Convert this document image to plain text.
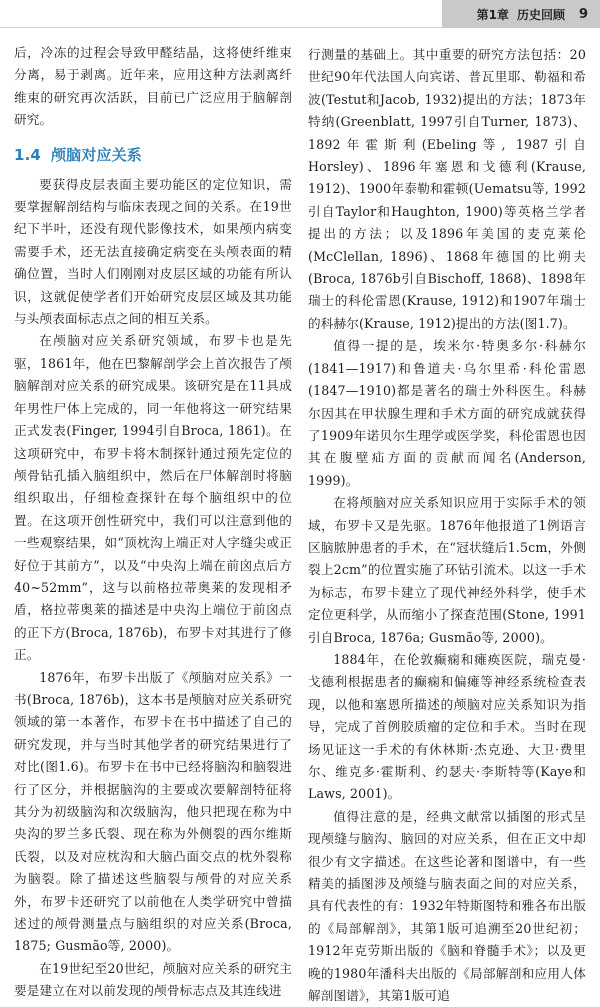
第1章 历史回顾 9

后，冷冻的过程会导致甲醛结晶，这将使纤维束分离，易于剥离。近年来，应用这种方法剥离纤维束的研究再次活跃，目前已广泛应用于脑解剖研究。

1.4 颅脑对应关系

要获得皮层表面主要功能区的定位知识，需要掌握解剖结构与临床表现之间的关系。在19世纪下半叶，还没有现代影像技术，如果颅内病变需要手术，还无法直接确定病变在头颅表面的精确位置，当时人们刚刚对皮层区域的功能有所认识，这就促使学者们开始研究皮层区域及其功能与头颅表面标志点之间的相互关系。

在颅脑对应关系研究领域，布罗卡也是先驱，1861年，他在巴黎解剖学会上首次报告了颅脑解剖对应关系的研究成果。该研究是在11具成年男性尸体上完成的，同一年他将这一研究结果正式发表(Finger, 1994引自Broca, 1861)。在这项研究中，布罗卡将木制探针通过预先定位的颅骨钻孔插入脑组织中，然后在尸体解剖时将脑组织取出，仔细检查探针在每个脑组织中的位置。在这项开创性研究中，我们可以注意到他的一些观察结果，如“顶枕沟上端正对人字缝尖或正好位于其前方”，以及“中央沟上端在前囟点后方40~52mm”，这与以前格拉蒂奥莱的发现相矛盾，格拉蒂奥莱的描述是中央沟上端位于前囟点的正下方(Broca, 1876b)，布罗卡对其进行了修正。

1876年，布罗卡出版了《颅脑对应关系》一书(Broca, 1876b)，这本书是颅脑对应关系研究领域的第一本著作，布罗卡在书中描述了自己的研究发现，并与当时其他学者的研究结果进行了对比(图1.6)。布罗卡在书中已经将脑沟和脑裂进行了区分，并根据脑沟的主要或次要解剖特征将其分为初级脑沟和次级脑沟，他只把现在称为中央沟的罗兰多氏裂、现在称为外侧裂的西尔维斯氏裂，以及对应枕沟和大脑凸面交点的枕外裂称为脑裂。除了描述这些脑裂与颅骨的对应关系外，布罗卡还研究了以前他在人类学研究中曾描述过的颅骨测量点与脑组织的对应关系(Broca, 1875; Gusmão等, 2000)。

在19世纪至20世纪，颅脑对应关系的研究主要是建立在对以前发现的颅骨标志点及其连线进

行测量的基础上。其中重要的研究方法包括：20世纪90年代法国人向宾诺、普瓦里耶、勒福和希波(Testut和Jacob, 1932)提出的方法；1873年特纳(Greenblatt, 1997引自Turner, 1873)、1892年霍斯利(Ebeling等, 1987引自Horsley)、1896年塞恩和戈德利(Krause, 1912)、1900年泰勒和霍顿(Uematsu等, 1992引自Taylor和Haughton, 1900)等英格兰学者提出的方法；以及1896年美国的麦克莱伦(McClellan, 1896)、1868年德国的比朔夫(Broca, 1876b引自Bischoff, 1868)、1898年瑞士的科伦雷恩(Krause, 1912)和1907年瑞士的科赫尔(Krause, 1912)提出的方法(图1.7)。

值得一提的是，埃米尔·特奥多尔·科赫尔(1841—1917)和鲁道夫·乌尔里希·科伦雷恩(1847—1910)都是著名的瑞士外科医生。科赫尔因其在甲状腺生理和手术方面的研究成就获得了1909年诺贝尔生理学或医学奖，科伦雷恩也因其在腹壁疝方面的贡献而闻名(Anderson, 1999)。

在将颅脑对应关系知识应用于实际手术的领域，布罗卡又是先驱。1876年他报道了1例语言区脑脓肿患者的手术，在“冠状缝后1.5cm，外侧裂上2cm”的位置实施了环钻引流术。以这一手术为标志，布罗卡建立了现代神经外科学，使手术定位更科学，从而缩小了探查范围(Stone, 1991引自Broca, 1876a; Gusmão等, 2000)。

1884年，在伦敦癫痫和瘫痪医院，瑞克曼·戈德利根据患者的癫痫和偏瘫等神经系统检查表现，以他和塞恩所描述的颅脑对应关系知识为指导，完成了首例胶质瘤的定位和手术。当时在现场见证这一手术的有休林斯·杰克逊、大卫·费里尔、维克多·霍斯利、约瑟夫·李斯特等(Kaye和Laws, 2001)。

值得注意的是，经典文献常以插图的形式呈现颅缝与脑沟、脑回的对应关系，但在正文中却很少有文字描述。在这些论著和图谱中，有一些精美的插图涉及颅缝与脑表面之间的对应关系，具有代表性的有：1932年特斯图特和雅各布出版的《局部解剖》，其第1版可追溯至20世纪初；1912年克劳斯出版的《脑和脊髓手术》；以及更晚的1980年潘科夫出版的《局部解剖和应用人体解剖图谱》，其第1版可追
